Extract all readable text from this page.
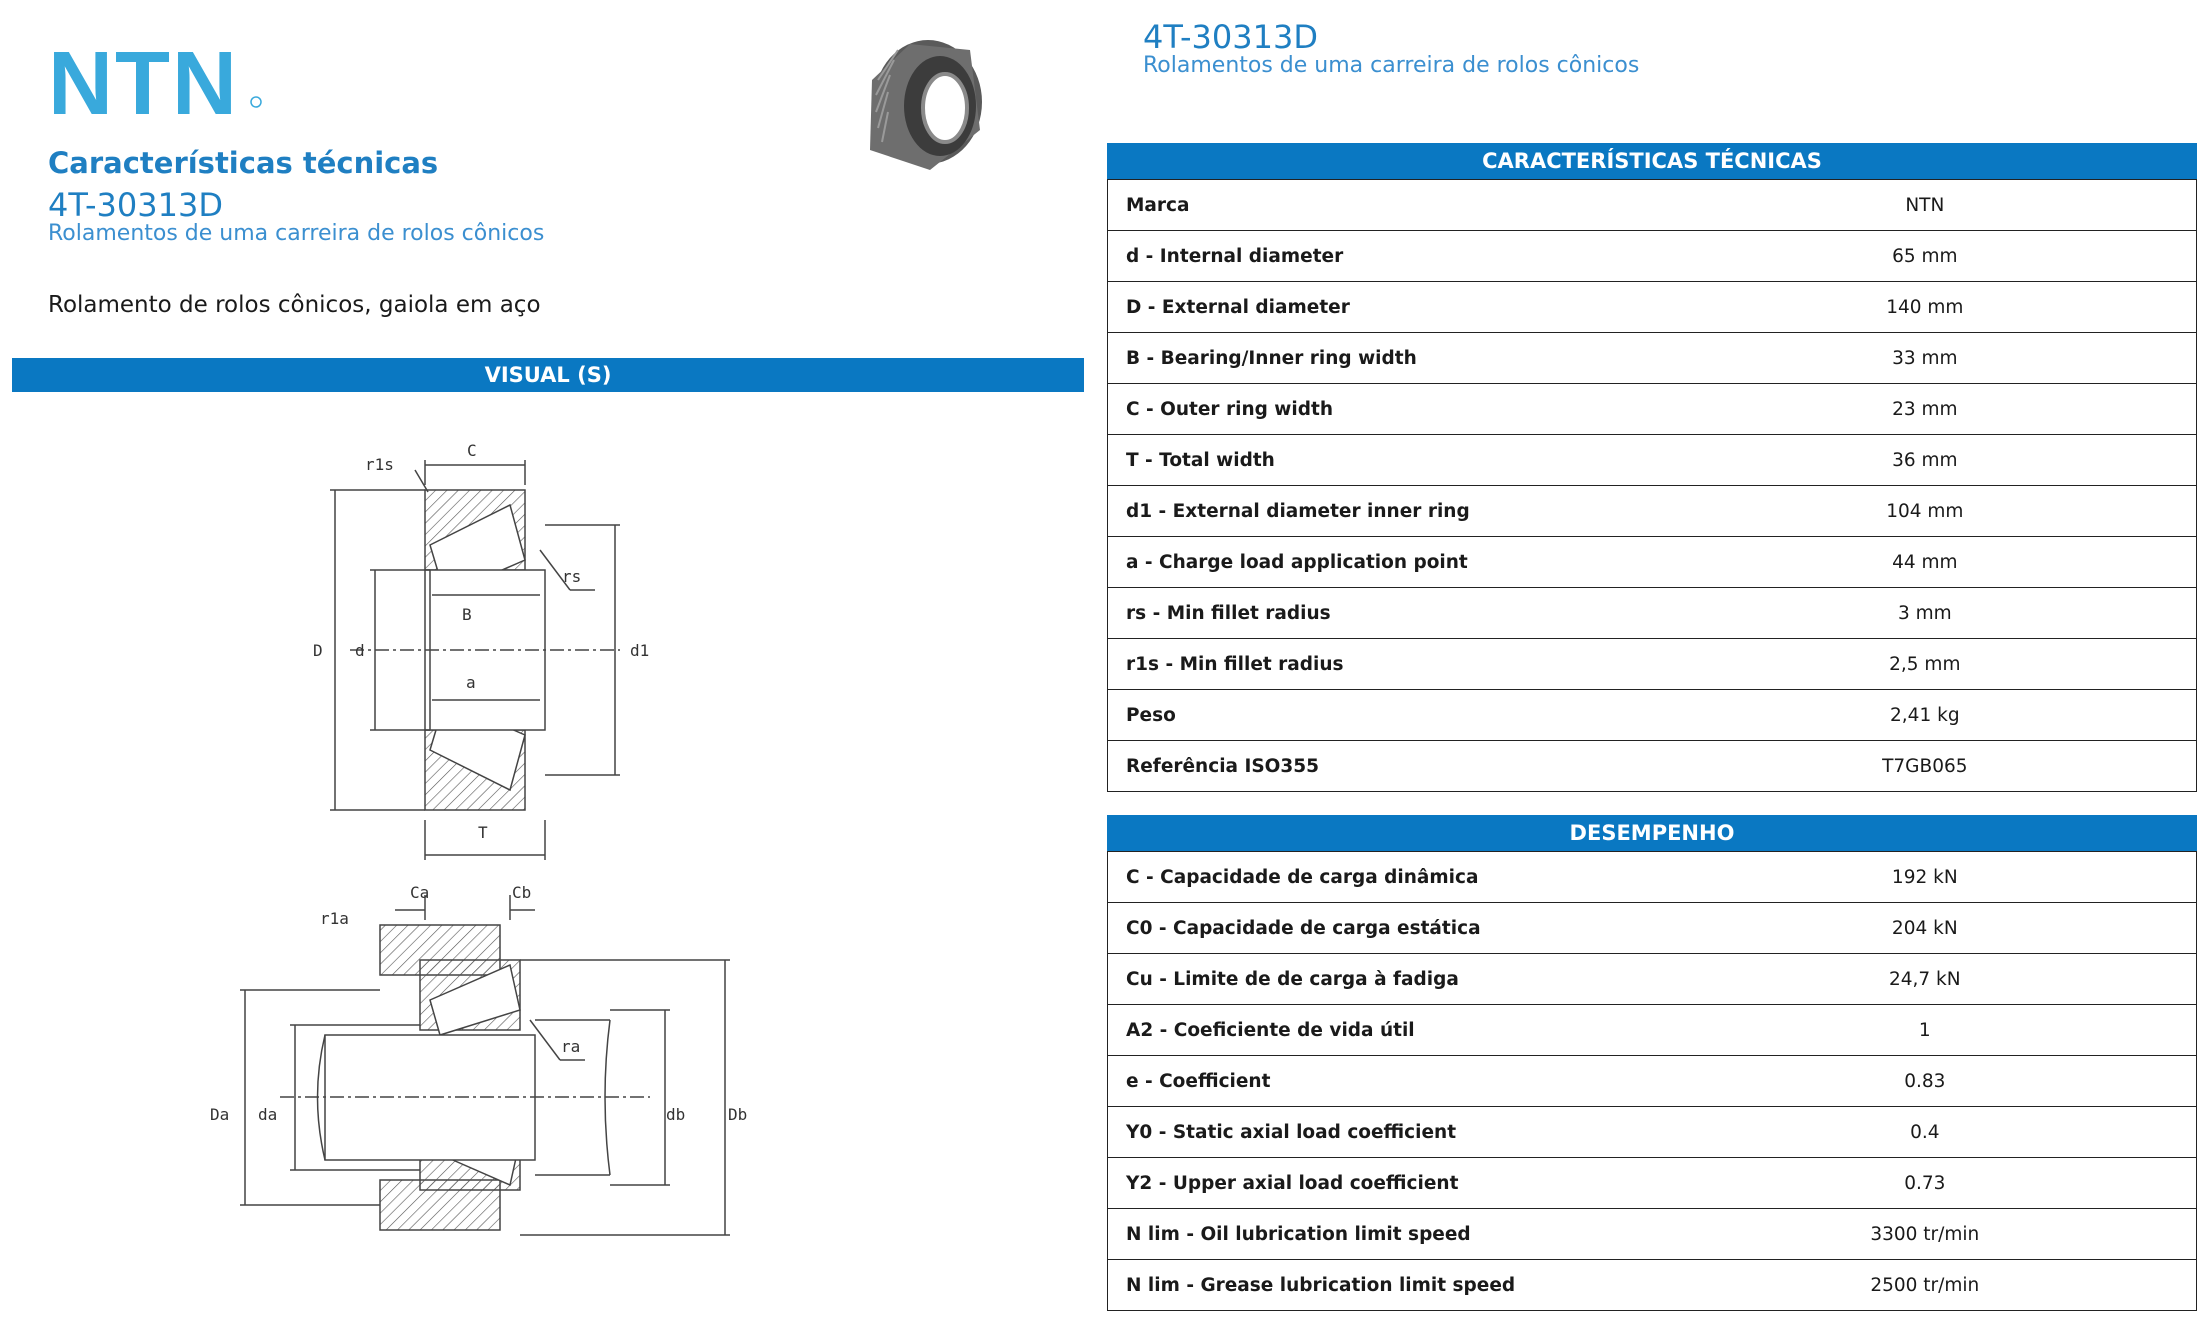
NTN
Características técnicas
4T-30313D
Rolamentos de uma carreira de rolos cônicos
Rolamento de rolos cônicos, gaiola em aço
VISUAL (S)
C
r1s
rs
D d	d1
B
a
T
Ca	Cb
r1a
ra
Da da	db	Db
4T-30313D
Rolamentos de uma carreira de rolos cônicos
CARACTERÍSTICAS TÉCNICAS
Marca	NTN
d - Internal diameter	65 mm
D - External diameter	140 mm
B - Bearing/Inner ring width	33 mm
C - Outer ring width	23 mm
T - Total width	36 mm
d1 - External diameter inner ring	104 mm
a - Charge load application point	44 mm
rs - Min fillet radius	3 mm
r1s - Min fillet radius	2,5 mm
Peso	2,41 kg
Referência ISO355	T7GB065
DESEMPENHO
C - Capacidade de carga dinâmica	192 kN
C0 - Capacidade de carga estática	204 kN
Cu - Limite de de carga à fadiga	24,7 kN
A2 - Coeficiente de vida útil	1
e - Coefficient	0.83
Y0 - Static axial load coefficient	0.4
Y2 - Upper axial load coefficient	0.73
N lim - Oil lubrication limit speed	3300 tr/min
N lim - Grease lubrication limit speed	2500 tr/min
